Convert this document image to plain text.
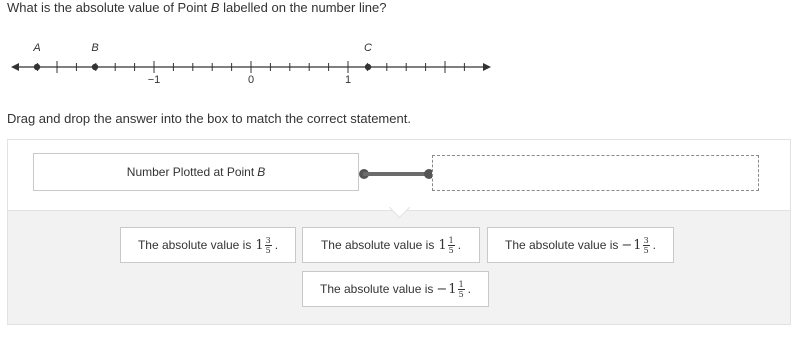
What is the absolute value of Point B labelled on the number line?
−1	0	1
A	B	C
Drag and drop the answer into the box to match the correct statement.
Number Plotted at Point B
The absolute value is $1 \frac{3}{5}$ .	The absolute value is $1 \frac{1}{5}$ .	The absolute value is − $1 \frac{3}{5}$ .
The absolute value is − $1 \frac{1}{5}$ .
